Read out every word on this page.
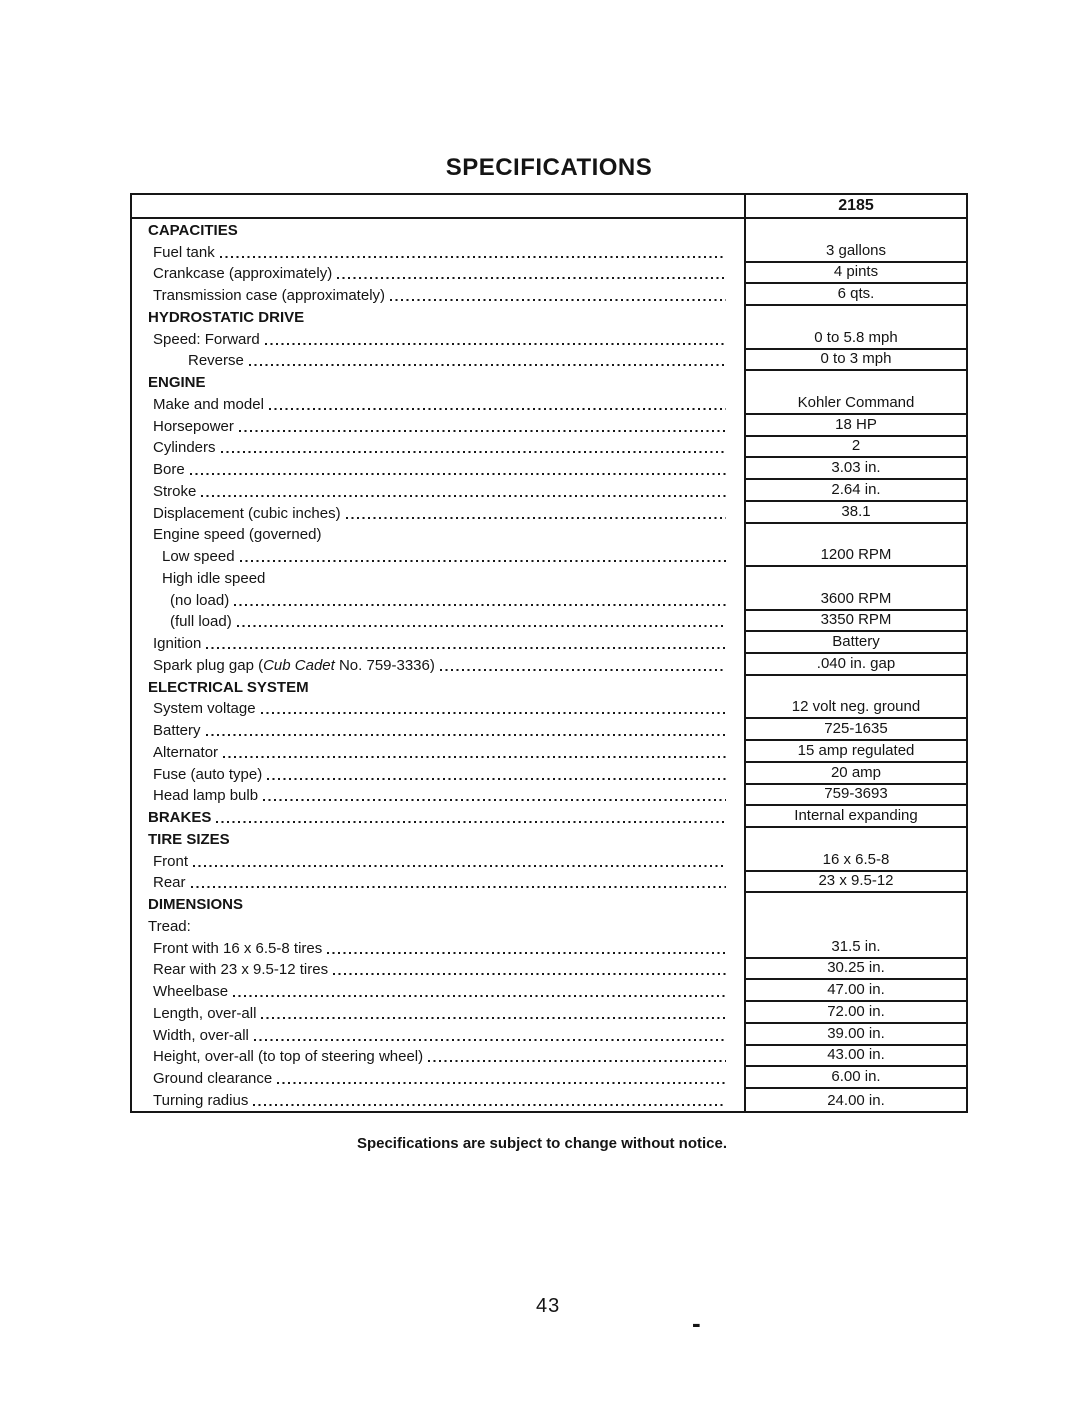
SPECIFICATIONS
2185
CAPACITIES
Fuel tank
Crankcase (approximately)
Transmission case (approximately)
HYDROSTATIC DRIVE
Speed: Forward
Reverse
ENGINE
Make and model
Horsepower
Cylinders
Bore
Stroke
Displacement (cubic inches)
Engine speed (governed)
Low speed
High idle speed
(no load)
(full load)
Ignition
Spark plug gap (Cub Cadet No. 759-3336)
ELECTRICAL SYSTEM
System voltage
Battery
Alternator
Fuse (auto type)
Head lamp bulb
BRAKES
TIRE SIZES
Front
Rear
DIMENSIONS
Tread:
Front with 16 x 6.5-8 tires
Rear with 23 x 9.5-12 tires
Wheelbase
Length, over-all
Width, over-all
Height, over-all (to top of steering wheel)
Ground clearance
Turning radius
3 gallons
4 pints
6 qts.
0 to 5.8 mph
0 to 3 mph
Kohler Command
18 HP
2
3.03 in.
2.64 in.
38.1
1200 RPM
3600 RPM
3350 RPM
Battery
.040 in. gap
12 volt neg. ground
725-1635
15 amp regulated
20 amp
759-3693
Internal expanding
16 x 6.5-8
23 x 9.5-12
31.5 in.
30.25 in.
47.00 in.
72.00 in.
39.00 in.
43.00 in.
6.00 in.
24.00 in.
Specifications are subject to change without notice.
43
-
